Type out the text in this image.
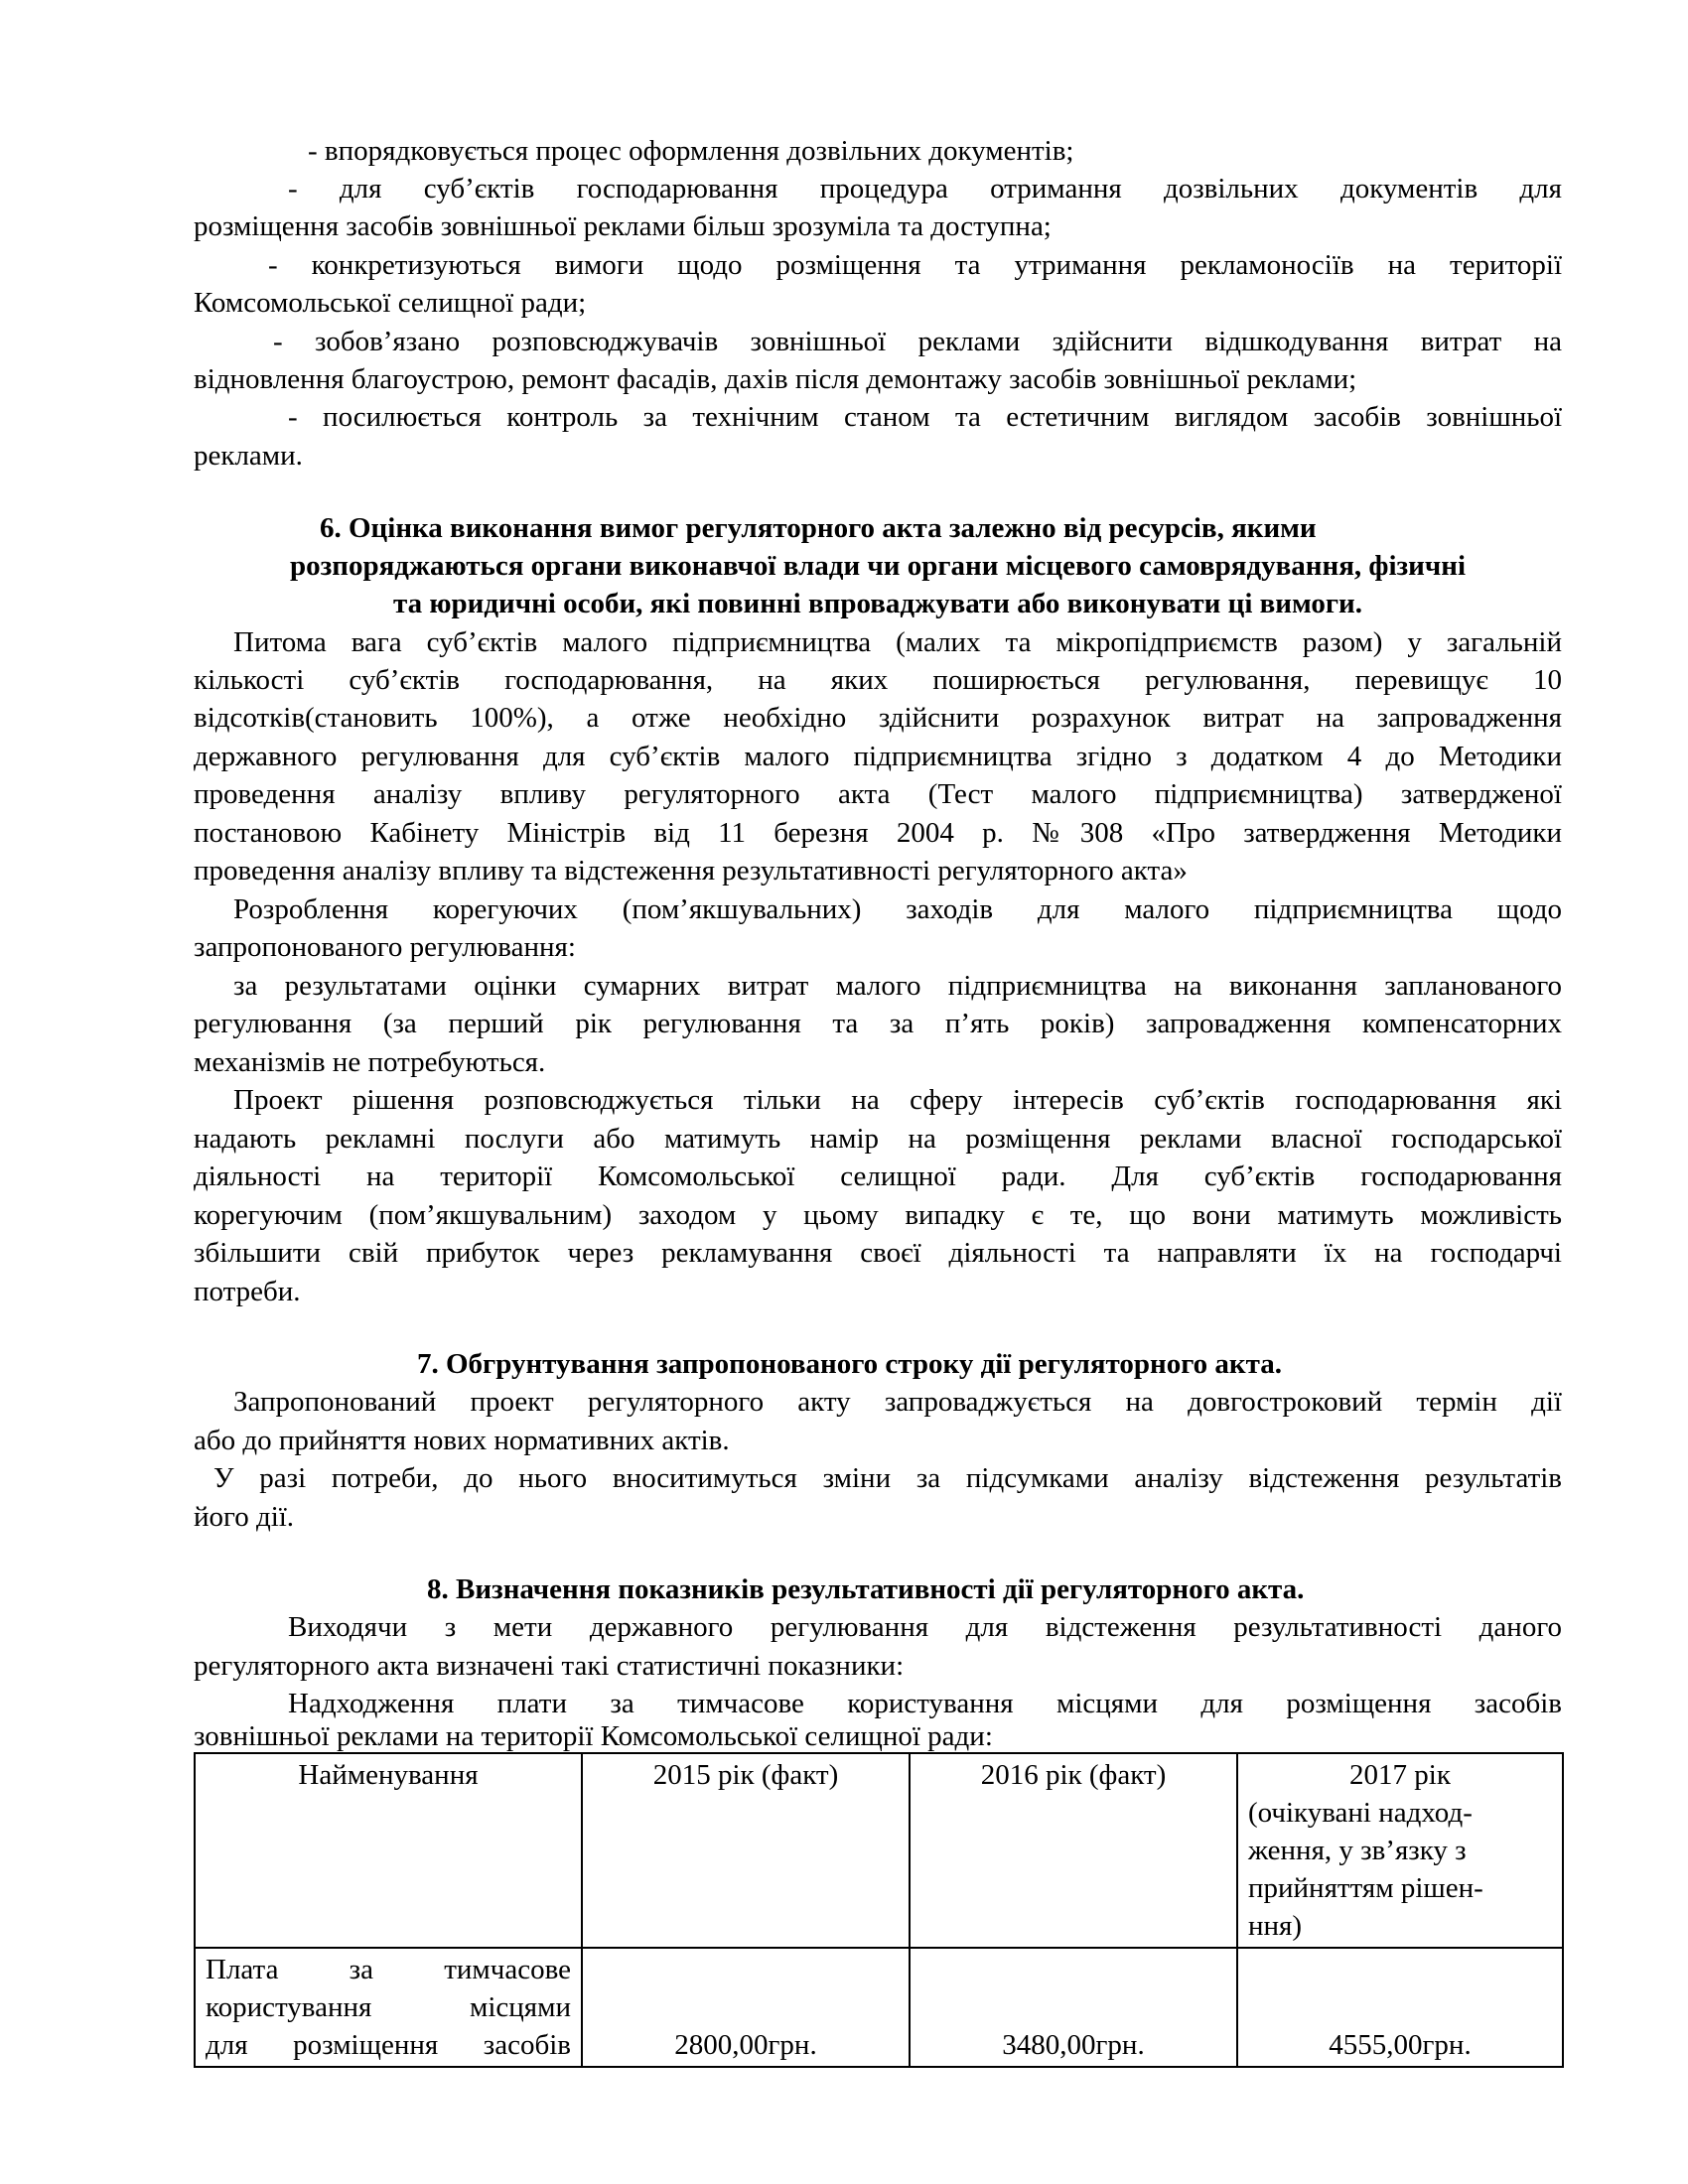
- впорядковується процес оформлення дозвільних документів;
- для суб’єктів господарювання процедура отримання дозвільних документів для
розміщення засобів зовнішньої реклами більш зрозуміла та доступна;
- конкретизуються вимоги щодо розміщення та утримання рекламоносіїв на території
Комсомольської селищної ради;
- зобов’язано розповсюджувачів зовнішньої реклами здійснити відшкодування витрат на
відновлення благоустрою, ремонт фасадів, дахів після демонтажу засобів зовнішньої реклами;
- посилюється контроль за технічним станом та естетичним виглядом засобів зовнішньої
реклами.
6. Оцінка виконання вимог регуляторного акта залежно від ресурсів, якими
розпоряджаються органи виконавчої влади чи органи місцевого самоврядування, фізичні
та юридичні особи, які повинні впроваджувати або виконувати ці вимоги.
Питома вага суб’єктів малого підприємництва (малих та мікропідприємств разом) у загальній
кількості суб’єктів господарювання, на яких поширюється регулювання, перевищує 10
відсотків(становить 100%), а отже необхідно здійснити розрахунок витрат на запровадження
державного регулювання для суб’єктів малого підприємництва згідно з додатком 4 до Методики
проведення аналізу впливу регуляторного акта (Тест малого підприємництва) затвердженої
постановою Кабінету Міністрів від 11 березня 2004 р. №308 «Про затвердження Методики
проведення аналізу впливу та відстеження результативності регуляторного акта»
Розроблення корегуючих (пом’якшувальних) заходів для малого підприємництва щодо
запропонованого регулювання:
за результатами оцінки сумарних витрат малого підприємництва на виконання запланованого
регулювання (за перший рік регулювання та за п’ять років) запровадження компенсаторних
механізмів не потребуються.
Проект рішення розповсюджується тільки на сферу інтересів суб’єктів господарювання які
надають рекламні послуги або матимуть намір на розміщення реклами власної господарської
діяльності на території Комсомольської селищної ради. Для суб’єктів господарювання
корегуючим (пом’якшувальним) заходом у цьому випадку є те, що вони матимуть можливість
збільшити свій прибуток через рекламування своєї діяльності та направляти їх на господарчі
потреби.
7. Обгрунтування запропонованого строку дії регуляторного акта.
Запропонований проект регуляторного акту запроваджується на довгостроковий термін дії
або до прийняття нових нормативних актів.
У разі потреби, до нього вноситимуться зміни за підсумками аналізу відстеження результатів
його дії.
8. Визначення показників результативності дії регуляторного акта.
Виходячи з мети державного регулювання для відстеження результативності даного
регуляторного акта визначені такі статистичні показники:
Надходження плати за тимчасове користування місцями для розміщення засобів
зовнішньої реклами на території Комсомольської селищної ради:
Найменування	2015 рік (факт)	2016 рік (факт)	2017 рік
(очікувані надход-
ження, у зв’язку з
прийняттям рішен-
ння)

Плата за тимчасове
користування місцями
для розміщення засобів	2800,00грн.	3480,00грн.	4555,00грн.
